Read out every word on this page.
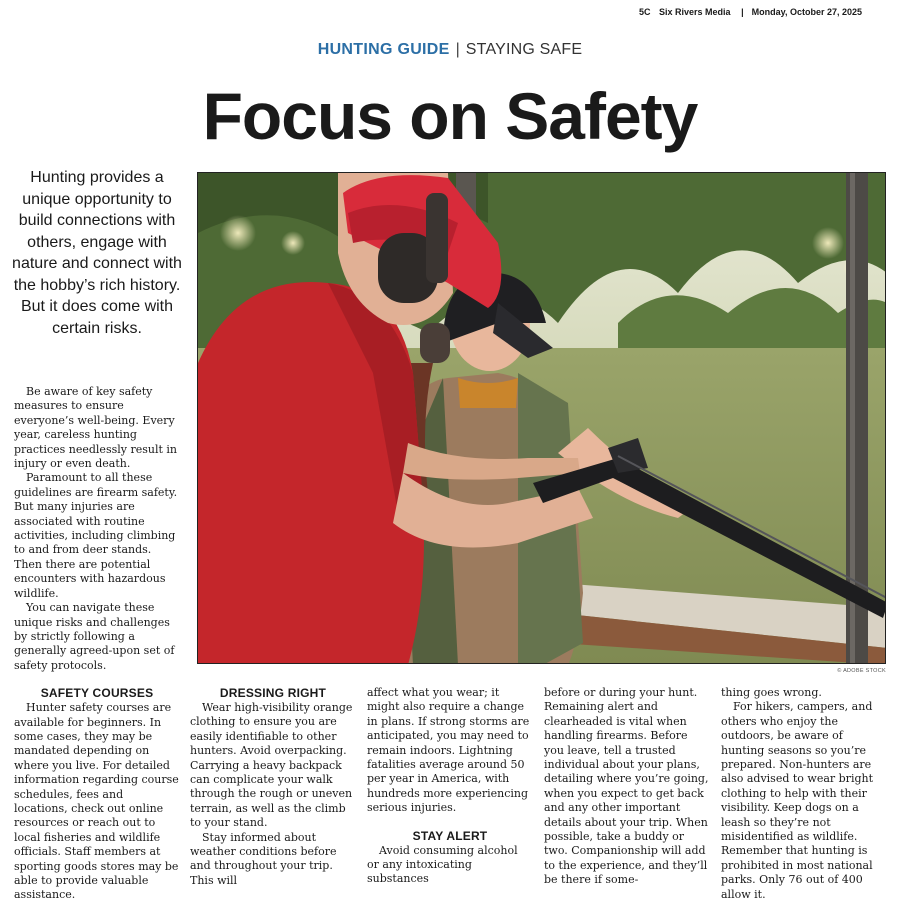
5C Six Rivers Media | Monday, October 27, 2025
HUNTING GUIDE | STAYING SAFE
Focus on Safety
Hunting provides a unique opportunity to build connections with others, engage with nature and connect with the hobby’s rich history. But it does come with certain risks.
© ADOBE STOCK

Be aware of key safety measures to ensure everyone’s well-being. Every year, careless hunting practices needlessly result in injury or even death.

Paramount to all these guidelines are firearm safety. But many injuries are associated with routine activities, including climbing to and from deer stands. Then there are potential encounters with hazardous wildlife.

You can navigate these unique risks and challenges by strictly following a generally agreed-upon set of safety protocols.

SAFETY COURSES

Hunter safety courses are available for beginners. In some cases, they may be mandated depending on where you live. For detailed information regarding course schedules, fees and locations, check out online resources or reach out to local fisheries and wildlife officials. Staff members at sporting goods stores may be able to provide valuable assistance.

DRESSING RIGHT

Wear high-visibility orange clothing to ensure you are easily identifiable to other hunters. Avoid overpacking. Carrying a heavy backpack can complicate your walk through the rough or uneven terrain, as well as the climb to your stand.

Stay informed about weather conditions before and throughout your trip. This will

affect what you wear; it might also require a change in plans. If strong storms are anticipated, you may need to remain indoors. Lightning fatalities average around 50 per year in America, with hundreds more experiencing serious injuries.

STAY ALERT

Avoid consuming alcohol or any intoxicating substances

before or during your hunt. Remaining alert and clearheaded is vital when handling firearms. Before you leave, tell a trusted individual about your plans, detailing where you’re going, when you expect to get back and any other important details about your trip. When possible, take a buddy or two. Companionship will add to the experience, and they’ll be there if some-

thing goes wrong.

For hikers, campers, and others who enjoy the outdoors, be aware of hunting seasons so you’re prepared. Non-hunters are also advised to wear bright clothing to help with their visibility. Keep dogs on a leash so they’re not misidentified as wildlife. Remember that hunting is prohibited in most national parks. Only 76 out of 400 allow it.
